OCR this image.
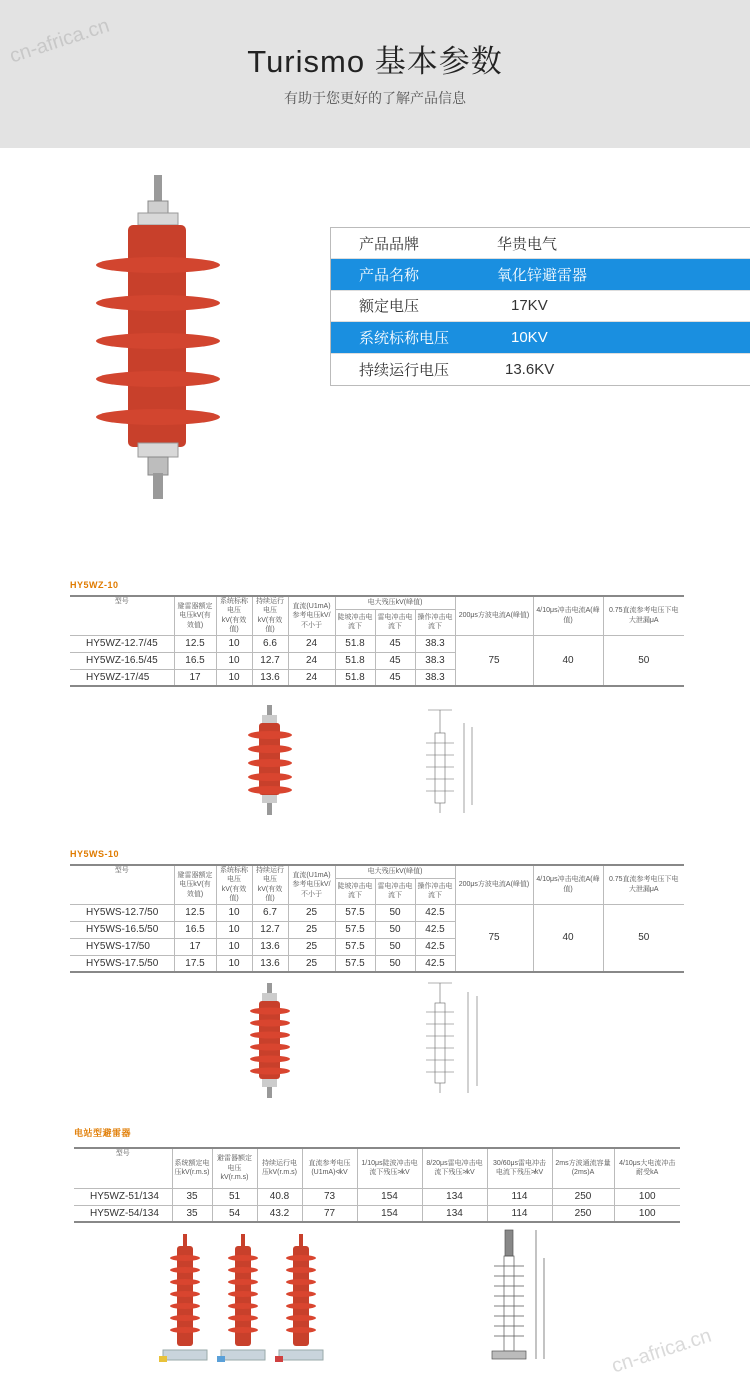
Turismo 基本参数
有助于您更好的了解产品信息
cn-africa.cn
cn-africa.cn
产品品牌	华贵电气
产品名称	氧化锌避雷器
额定电压	17KV
系统标称电压	10KV
持续运行电压	13.6KV
HY5WZ-10
型号	避雷器额定电压kV(有效值)	系统标称电压kV(有效值)	持续运行电压kV(有效值)	直流(U1mA)参考电压kV/不小于	电大残压kV(峰值)			200μs方波电流A(峰值)	4/10μs冲击电流A(峰值)	0.75直流参考电压下电大泄漏μA
					陡坡冲击电流下	雷电冲击电流下	操作冲击电流下			
HY5WZ-12.7/45	12.5	10	6.6	24	51.8	45	38.3	75	40	50
HY5WZ-16.5/45	16.5	10	12.7	24	51.8	45	38.3			
HY5WZ-17/45	17	10	13.6	24	51.8	45	38.3			
HY5WS-10
型号	避雷器额定电压kV(有效值)	系统标称电压kV(有效值)	持续运行电压kV(有效值)	直流(U1mA)参考电压kV/不小于	电大残压kV(峰值)			200μs方波电流A(峰值)	4/10μs冲击电流A(峰值)	0.75直流参考电压下电大泄漏μA
					陡坡冲击电流下	雷电冲击电流下	操作冲击电流下			
HY5WS-12.7/50	12.5	10	6.7	25	57.5	50	42.5	75	40	50
HY5WS-16.5/50	16.5	10	12.7	25	57.5	50	42.5			
HY5WS-17/50	17	10	13.6	25	57.5	50	42.5			
HY5WS-17.5/50	17.5	10	13.6	25	57.5	50	42.5			
电站型避雷器
型号	系统额定电压kV(r.m.s)	避雷器额定电压kV(r.m.s)	持续运行电压kV(r.m.s)	直流参考电压(U1mA)≮kV	1/10μs陡波冲击电流下残压≯kV	8/20μs雷电冲击电流下残压≯kV	30/60μs雷电冲击电流下残压≯kV	2ms方波通流容量(2ms)A	4/10μs大电流冲击耐受kA
HY5WZ-51/134	35	51	40.8	73	154	134	114	250	100
HY5WZ-54/134	35	54	43.2	77	154	134	114	250	100
